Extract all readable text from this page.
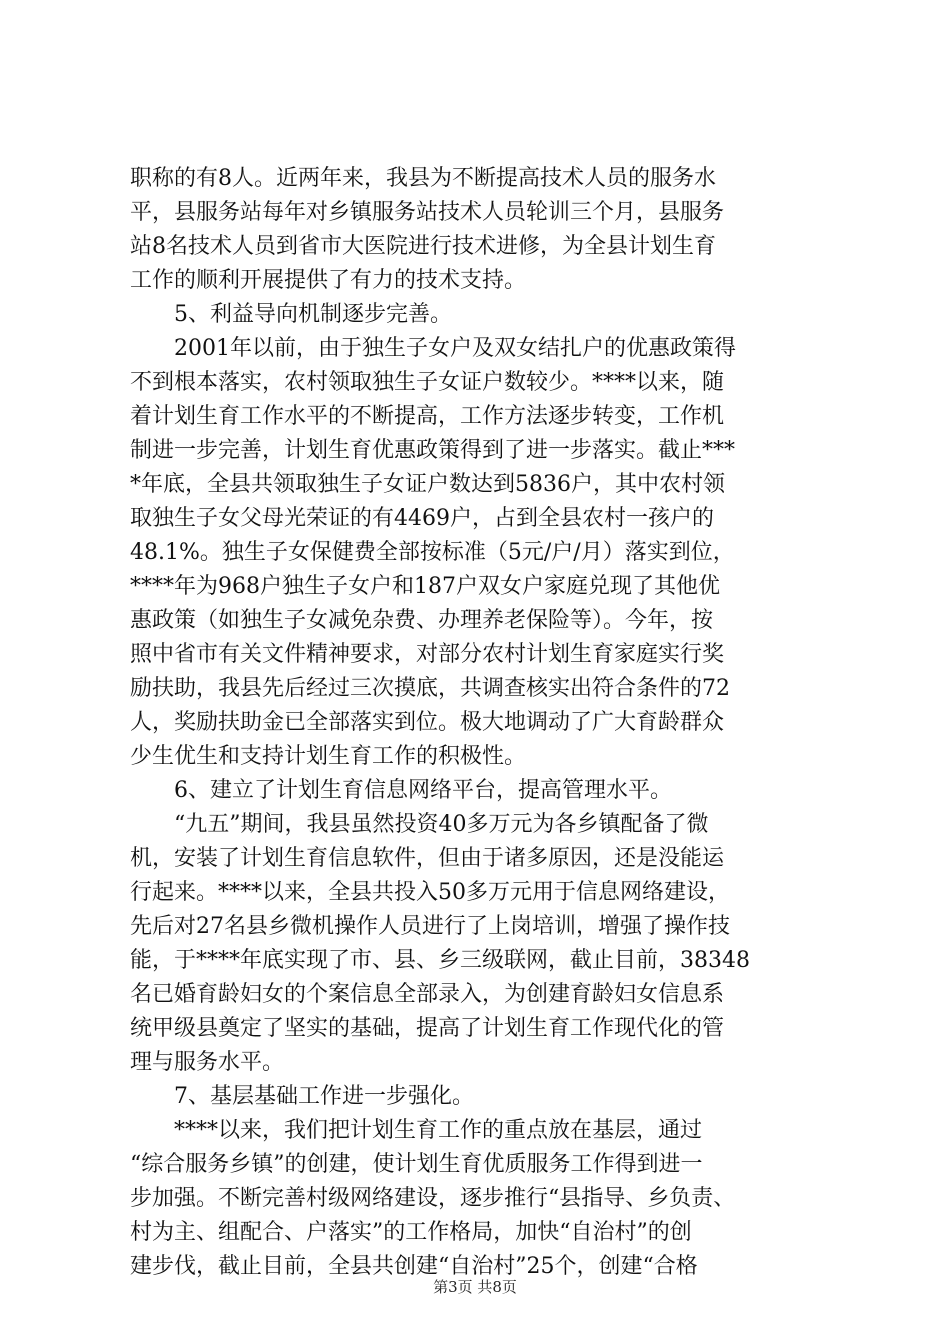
职称的有8人。近两年来，我县为不断提高技术人员的服务水
平，县服务站每年对乡镇服务站技术人员轮训三个月，县服务
站8名技术人员到省市大医院进行技术进修，为全县计划生育
工作的顺利开展提供了有力的技术支持。
5、利益导向机制逐步完善。
2001年以前，由于独生子女户及双女结扎户的优惠政策得
不到根本落实，农村领取独生子女证户数较少。****以来，随
着计划生育工作水平的不断提高，工作方法逐步转变，工作机
制进一步完善，计划生育优惠政策得到了进一步落实。截止***
*年底，全县共领取独生子女证户数达到5836户，其中农村领
取独生子女父母光荣证的有4469户，占到全县农村一孩户的
48.1%。独生子女保健费全部按标准（5元/户/月）落实到位，
****年为968户独生子女户和187户双女户家庭兑现了其他优
惠政策（如独生子女减免杂费、办理养老保险等）。今年，按
照中省市有关文件精神要求，对部分农村计划生育家庭实行奖
励扶助，我县先后经过三次摸底，共调查核实出符合条件的72
人，奖励扶助金已全部落实到位。极大地调动了广大育龄群众
少生优生和支持计划生育工作的积极性。
6、建立了计划生育信息网络平台，提高管理水平。
“九五”期间，我县虽然投资40多万元为各乡镇配备了微
机，安装了计划生育信息软件，但由于诸多原因，还是没能运
行起来。****以来，全县共投入50多万元用于信息网络建设，
先后对27名县乡微机操作人员进行了上岗培训，增强了操作技
能，于****年底实现了市、县、乡三级联网，截止目前，38348
名已婚育龄妇女的个案信息全部录入，为创建育龄妇女信息系
统甲级县奠定了坚实的基础，提高了计划生育工作现代化的管
理与服务水平。
7、基层基础工作进一步强化。
****以来，我们把计划生育工作的重点放在基层，通过
“综合服务乡镇”的创建，使计划生育优质服务工作得到进一
步加强。不断完善村级网络建设，逐步推行“县指导、乡负责、
村为主、组配合、户落实”的工作格局，加快“自治村”的创
建步伐，截止目前，全县共创建“自治村”25个，创建“合格
第3页 共8页
